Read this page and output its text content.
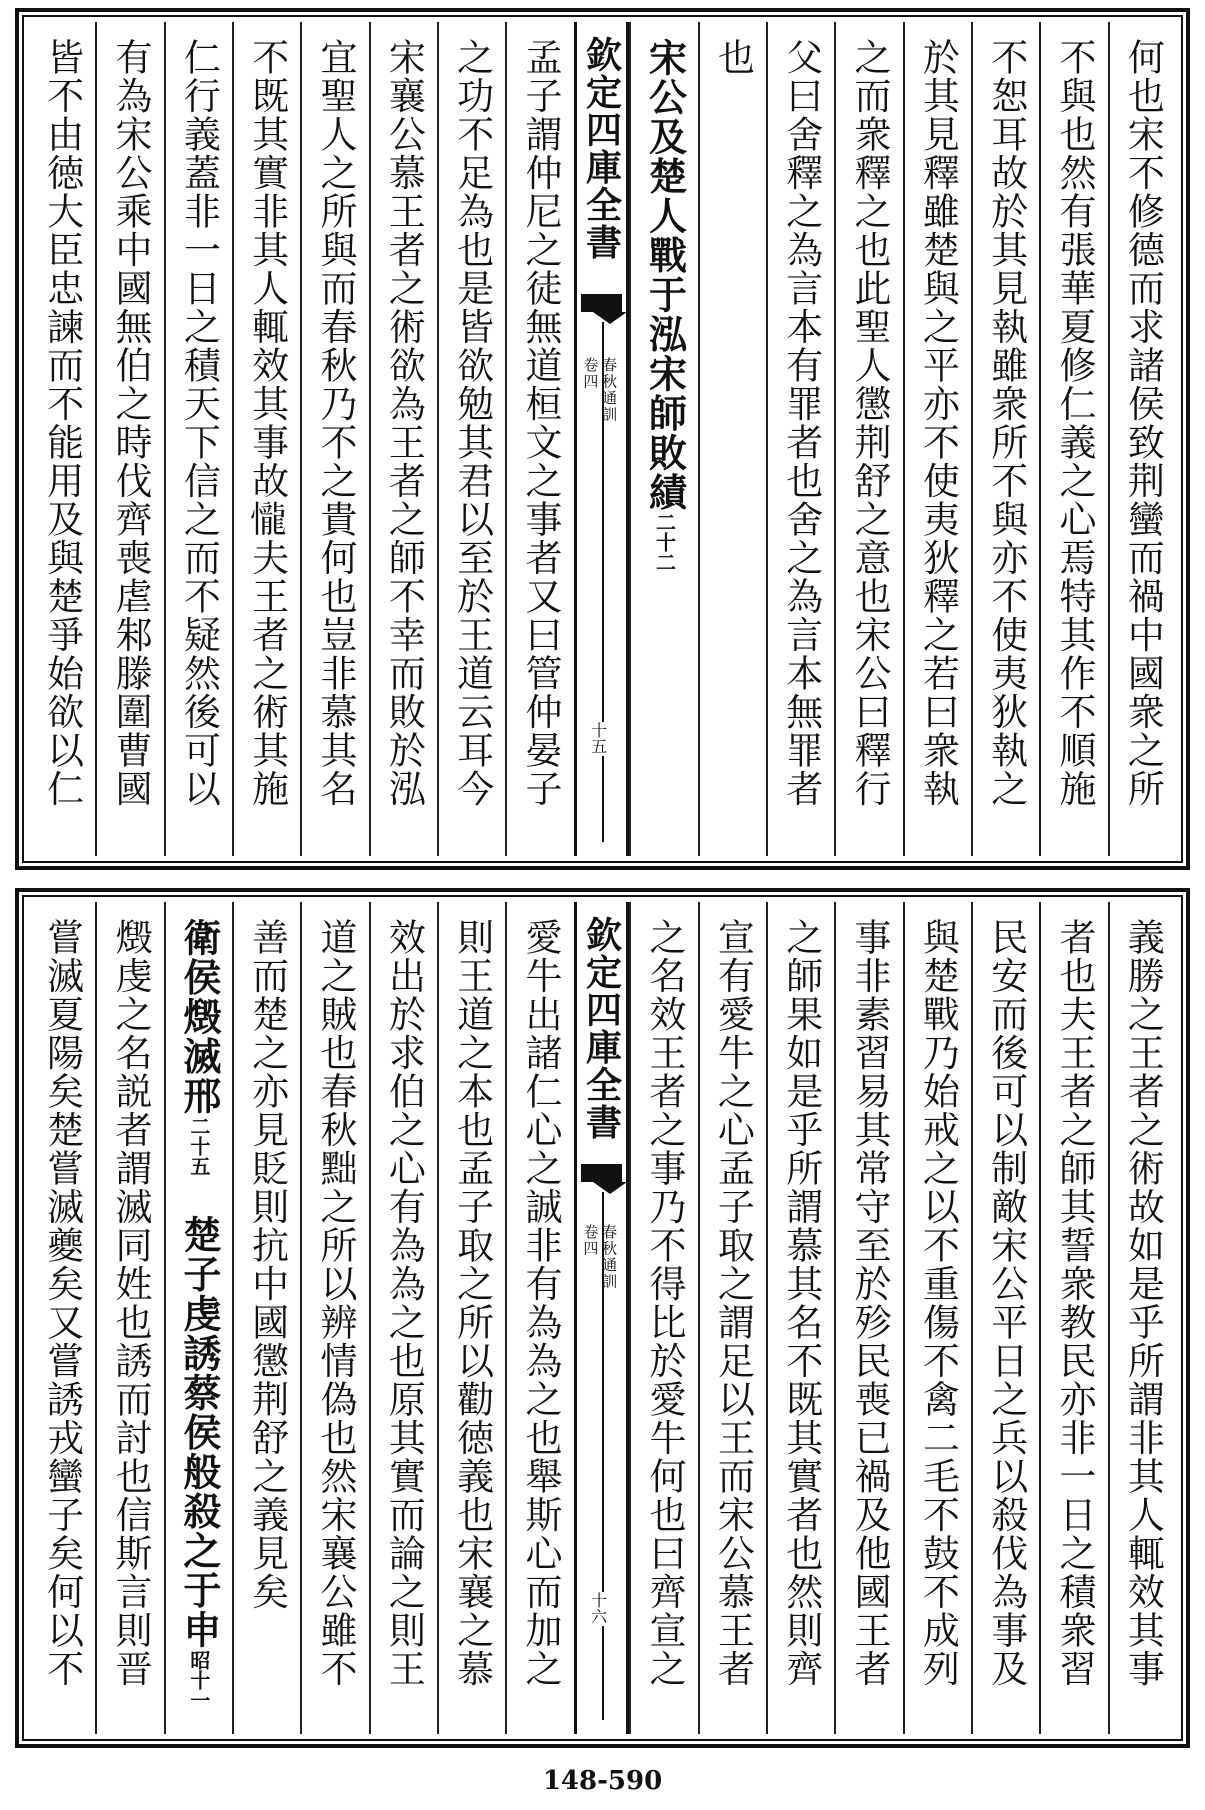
何也宋不修德而求諸侯致荆蠻而禍中國衆之所
不與也然有張華夏修仁義之心焉特其作不順施
不恕耳故於其見執雖衆所不與亦不使夷狄執之
於其見釋雖楚與之平亦不使夷狄釋之若曰衆執
之而衆釋之也此聖人懲荆舒之意也宋公曰釋行
父曰舍釋之為言本有罪者也舍之為言本無罪者
也
宋公及楚人戰于泓宋師敗績
二十二
欽定四庫全書
春秋通訓
卷四
十五
孟子謂仲尼之徒無道桓文之事者又曰管仲晏子
之功不足為也是皆欲勉其君以至於王道云耳今
宋襄公慕王者之術欲為王者之師不幸而敗於泓
宜聖人之所與而春秋乃不之貴何也豈非慕其名
不既其實非其人輒效其事故𢤱夫王者之術其施
仁行義蓋非一日之積天下信之而不疑然後可以
有為宋公乘中國無伯之時伐齊喪虐邾滕圍曹國
皆不由徳大臣忠諫而不能用及與楚爭始欲以仁
義勝之王者之術故如是乎所謂非其人輒效其事
者也夫王者之師其誓衆教民亦非一日之積衆習
民安而後可以制敵宋公平日之兵以殺伐為事及
與楚戰乃始戒之以不重傷不禽二毛不鼓不成列
事非素習易其常守至於殄民喪已禍及他國王者
之師果如是乎所謂慕其名不既其實者也然則齊
宣有愛牛之心孟子取之謂足以王而宋公慕王者
之名效王者之事乃不得比於愛牛何也曰齊宣之
欽定四庫全書
春秋通訓
卷四
十六
愛牛出諸仁心之誠非有為為之也舉斯心而加之
則王道之本也孟子取之所以勸徳義也宋襄之慕
效出於求伯之心有為為之也原其實而論之則王
道之賊也春秋黜之所以辨情偽也然宋襄公雖不
善而楚之亦見貶則抗中國懲荆舒之義見矣
衛侯燬滅邢
二十五

楚子虔誘蔡侯般殺之于申
昭十一
燬虔之名説者謂滅同姓也誘而討也信斯言則晋
嘗滅夏陽矣楚嘗滅夔矣又嘗誘戎蠻子矣何以不
148-590
